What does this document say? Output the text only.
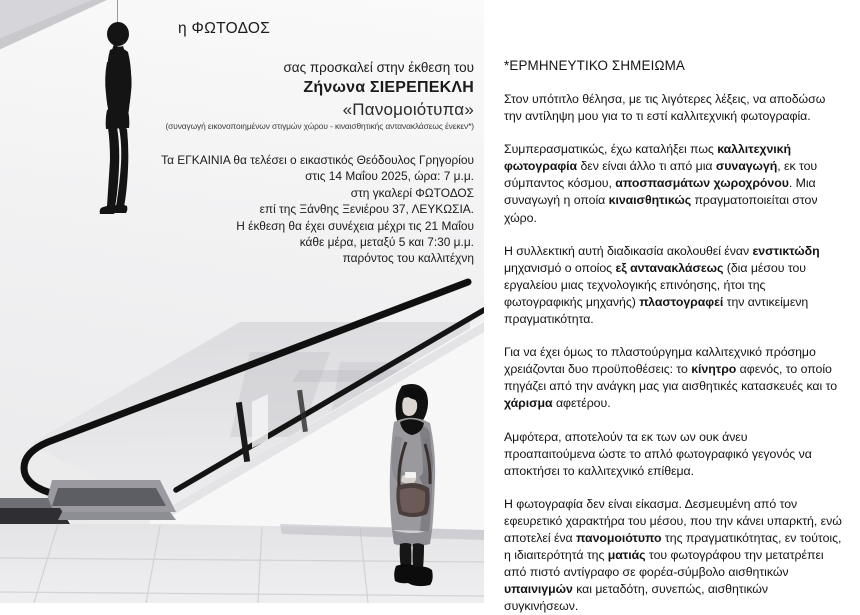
η ΦΩΤΟΔΟΣ
σας προσκαλεί στην έκθεση του
Ζήνωνα ΣΙΕΡΕΠΕΚΛΗ
«Πανομοιότυπα»
(συναγωγή εικονοποιημένων στιγμών χώρου - κιναισθητικής αντανακλάσεως ένεκεν*)
Τα ΕΓΚΑΙΝΙΑ θα τελέσει ο εικαστικός Θεόδουλος Γρηγορίου
στις 14 Μαΐου 2025, ώρα: 7 μ.μ.
στη γκαλερί ΦΩΤΟΔΟΣ
επί της Ξάνθης Ξενιέρου 37, ΛΕΥΚΩΣΙΑ.
Η έκθεση θα έχει συνέχεια μέχρι τις 21 Μαΐου
κάθε μέρα, μεταξύ 5 και 7:30 μ.μ.
παρόντος του καλλιτέχνη
*ΕΡΜΗΝΕΥΤΙΚΟ ΣΗΜΕΙΩΜΑ

Στον υπότιτλο θέλησα, με τις λιγότερες λέξεις, να αποδώσω την αντίληψη μου για το τι εστί καλλιτεχνική φωτογραφία.

Συμπερασματικώς, έχω καταλήξει πως καλλιτεχνική φωτογραφία δεν είναι άλλο τι από μια συναγωγή, εκ του σύμπαντος κόσμου, αποσπασμάτων χωροχρόνου. Μια συναγωγή η οποία κιναισθητικώς πραγματοποιείται στον χώρο.

Η συλλεκτική αυτή διαδικασία ακολουθεί έναν ενστικτώδη μηχανισμό ο οποίος εξ αντανακλάσεως (δια μέσου του εργαλείου μιας τεχνολογικής επινόησης, ήτοι της φωτογραφικής μηχανής) πλαστογραφεί την αντικείμενη πραγματικότητα.

Για να έχει όμως το πλαστούργημα καλλιτεχνικό πρόσημο χρειάζονται δυο προϋποθέσεις: το κίνητρο αφενός, το οποίο πηγάζει από την ανάγκη μας για αισθητικές κατασκευές και το χάρισμα αφετέρου.

Αμφότερα, αποτελούν τα εκ των ων ουκ άνευ προαπαιτούμενα ώστε το απλό φωτογραφικό γεγονός να αποκτήσει το καλλιτεχνικό επίθεμα.

Η φωτογραφία δεν είναι είκασμα. Δεσμευμένη από τον εφευρετικό χαρακτήρα του μέσου, που την κάνει υπαρκτή, ενώ αποτελεί ένα πανομοιότυπο της πραγματικότητας, εν τούτοις, η ιδιαιτερότητά της ματιάς του φωτογράφου την μετατρέπει από πιστό αντίγραφο σε φορέα-σύμβολο αισθητικών υπαινιγμών και μεταδότη, συνεπώς, αισθητικών συγκινήσεων.
